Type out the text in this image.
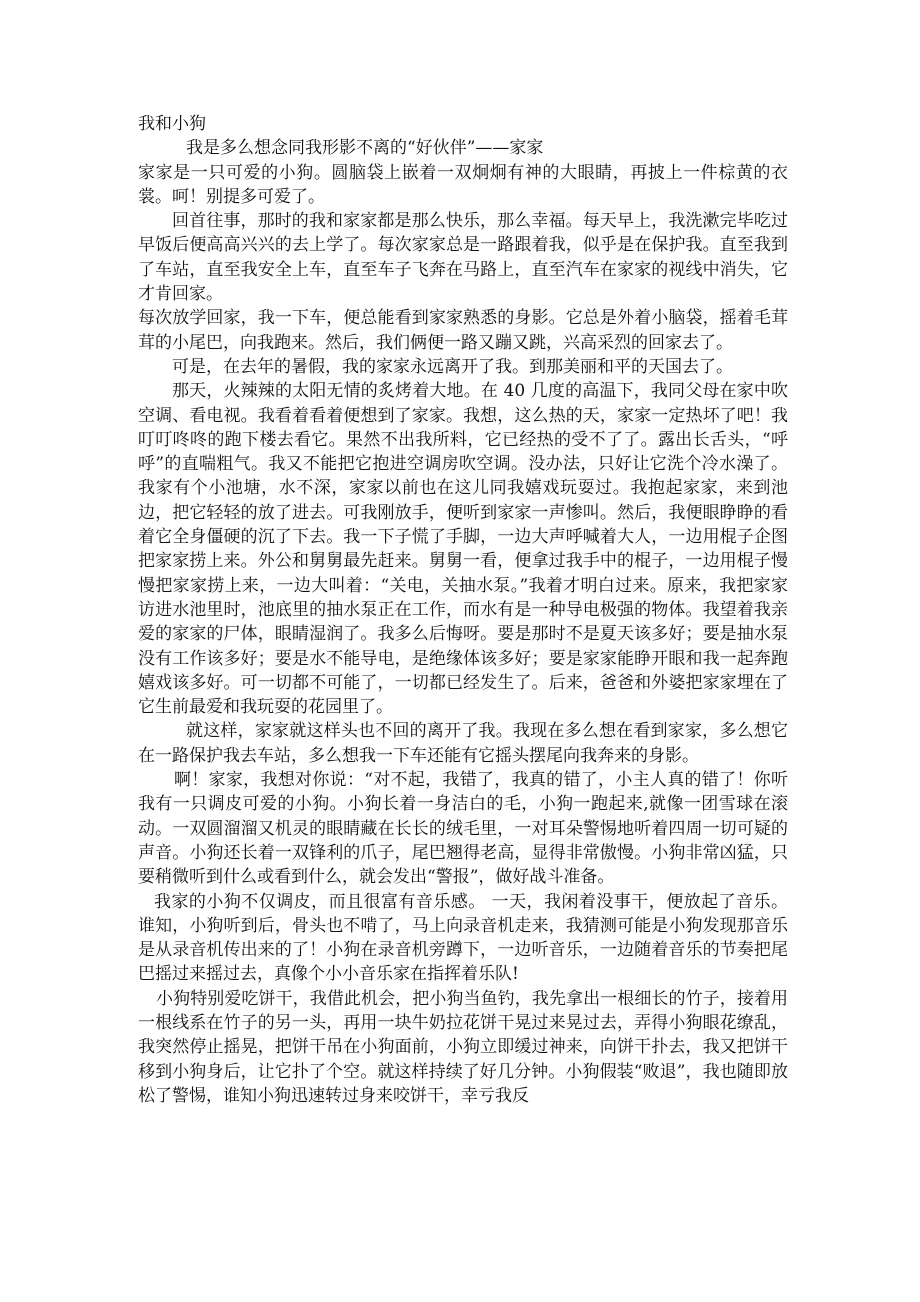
我和小狗
我是多么想念同我形影不离的“好伙伴”——家家
家家是一只可爱的小狗。圆脑袋上嵌着一双炯炯有神的大眼睛，再披上一件棕黄的衣裳。呵！别提多可爱了。
回首往事，那时的我和家家都是那么快乐，那么幸福。每天早上，我洗漱完毕吃过早饭后便高高兴兴的去上学了。每次家家总是一路跟着我，似乎是在保护我。直至我到了车站，直至我安全上车，直至车子飞奔在马路上，直至汽车在家家的视线中消失，它才肯回家。
每次放学回家，我一下车，便总能看到家家熟悉的身影。它总是外着小脑袋，摇着毛茸茸的小尾巴，向我跑来。然后，我们俩便一路又蹦又跳，兴高采烈的回家去了。
可是，在去年的暑假，我的家家永远离开了我。到那美丽和平的天国去了。
那天，火辣辣的太阳无情的炙烤着大地。在 40 几度的高温下，我同父母在家中吹空调、看电视。我看着看着便想到了家家。我想，这么热的天，家家一定热坏了吧！我叮叮咚咚的跑下楼去看它。果然不出我所料，它已经热的受不了了。露出长舌头，“呼呼”的直喘粗气。我又不能把它抱进空调房吹空调。没办法，只好让它洗个冷水澡了。我家有个小池塘，水不深，家家以前也在这儿同我嬉戏玩耍过。我抱起家家，来到池边，把它轻轻的放了进去。可我刚放手，便听到家家一声惨叫。然后，我便眼睁睁的看着它全身僵硬的沉了下去。我一下子慌了手脚，一边大声呼喊着大人，一边用棍子企图把家家捞上来。外公和舅舅最先赶来。舅舅一看，便拿过我手中的棍子，一边用棍子慢慢把家家捞上来，一边大叫着：“关电，关抽水泵。”我着才明白过来。原来，我把家家访进水池里时，池底里的抽水泵正在工作，而水有是一种导电极强的物体。我望着我亲爱的家家的尸体，眼睛湿润了。我多么后悔呀。要是那时不是夏天该多好；要是抽水泵没有工作该多好；要是水不能导电，是绝缘体该多好；要是家家能睁开眼和我一起奔跑嬉戏该多好。可一切都不可能了，一切都已经发生了。后来，爸爸和外婆把家家埋在了它生前最爱和我玩耍的花园里了。
就这样，家家就这样头也不回的离开了我。我现在多么想在看到家家，多么想它在一路保护我去车站，多么想我一下车还能有它摇头摆尾向我奔来的身影。
啊！家家，我想对你说：“对不起，我错了，我真的错了，小主人真的错了！你听我有一只调皮可爱的小狗。小狗长着一身洁白的毛，小狗一跑起来,就像一团雪球在滚动。一双圆溜溜又机灵的眼睛藏在长长的绒毛里，一对耳朵警惕地听着四周一切可疑的声音。小狗还长着一双锋利的爪子，尾巴翘得老高，显得非常傲慢。小狗非常凶猛，只要稍微听到什么或看到什么，就会发出“警报”，做好战斗准备。
我家的小狗不仅调皮，而且很富有音乐感。 一天，我闲着没事干，便放起了音乐。谁知，小狗听到后，骨头也不啃了，马上向录音机走来，我猜测可能是小狗发现那音乐是从录音机传出来的了！小狗在录音机旁蹲下，一边听音乐，一边随着音乐的节奏把尾巴摇过来摇过去，真像个小小音乐家在指挥着乐队!
小狗特别爱吃饼干，我借此机会，把小狗当鱼钓，我先拿出一根细长的竹子，接着用一根线系在竹子的另一头，再用一块牛奶拉花饼干晃过来晃过去，弄得小狗眼花缭乱，我突然停止摇晃，把饼干吊在小狗面前，小狗立即缓过神来，向饼干扑去，我又把饼干移到小狗身后，让它扑了个空。就这样持续了好几分钟。小狗假装“败退”，我也随即放松了警惕，谁知小狗迅速转过身来咬饼干，幸亏我反
